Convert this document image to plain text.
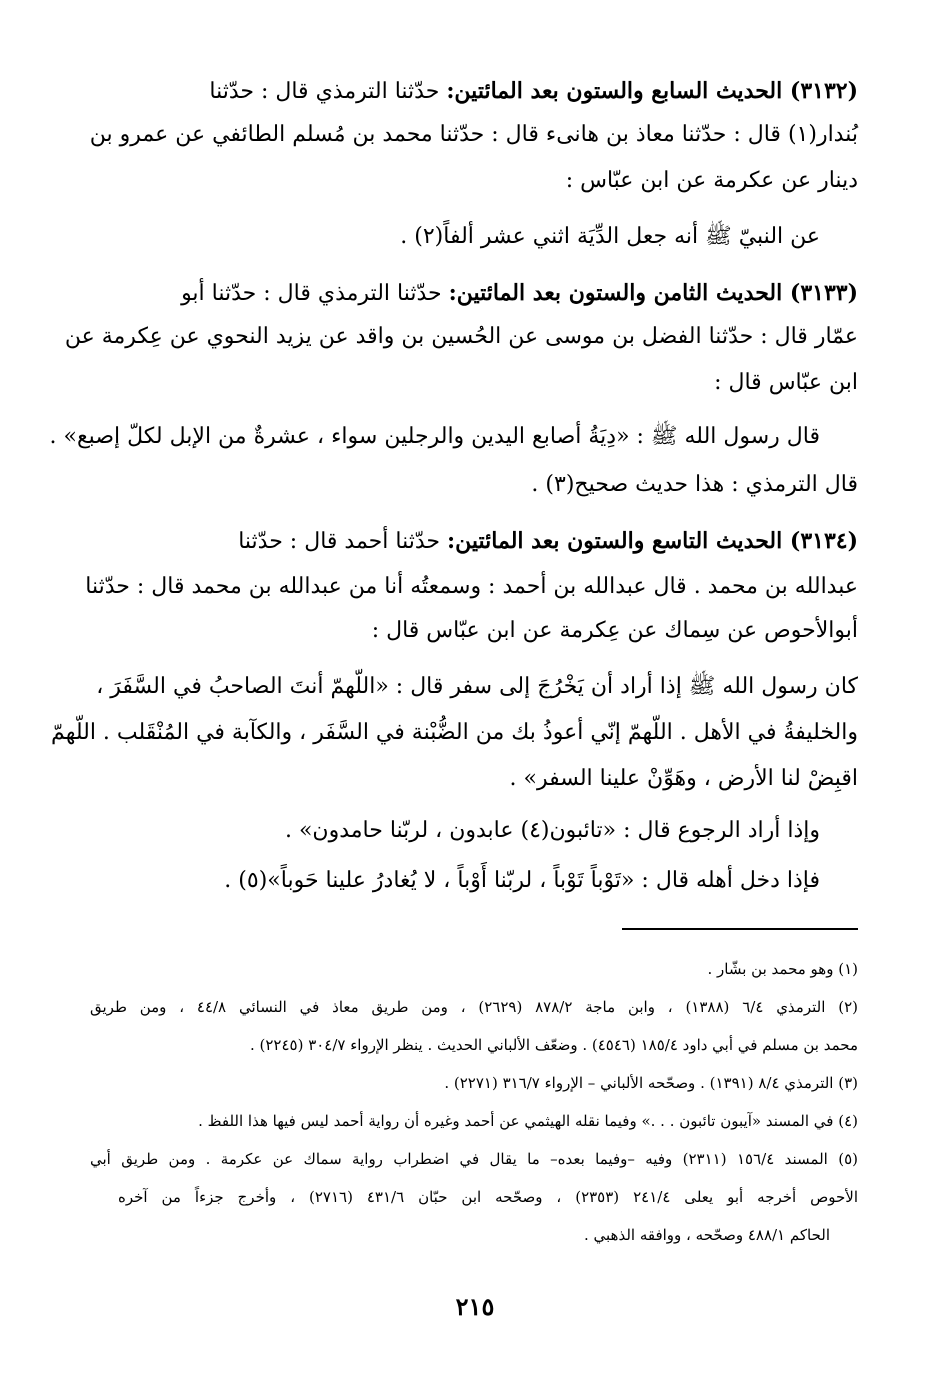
(٣١٣٢) الحديث السابع والستون بعد المائتين: حدّثنا الترمذي قال : حدّثنا
بُندار(١) قال : حدّثنا معاذ بن هانىء قال : حدّثنا محمد بن مُسلم الطائفي عن عمرو بن
دينار عن عكرمة عن ابن عبّاس :
عن النبيّ ﷺ أنه جعل الدِّيَة اثني عشر ألفاً(٢) .
(٣١٣٣) الحديث الثامن والستون بعد المائتين: حدّثنا الترمذي قال : حدّثنا أبو
عمّار قال : حدّثنا الفضل بن موسى عن الحُسين بن واقد عن يزيد النحوي عن عِكرمة عن
ابن عبّاس قال :
قال رسول الله ﷺ : «دِيَةُ أصابع اليدين والرجلين سواء ، عشرةٌ من الإبل لكلّ إصبع» .
قال الترمذي : هذا حديث صحيح(٣) .
(٣١٣٤) الحديث التاسع والستون بعد المائتين: حدّثنا أحمد قال : حدّثنا
عبدالله بن محمد . قال عبدالله بن أحمد : وسمعتُه أنا من عبدالله بن محمد قال : حدّثنا
أبوالأحوص عن سِماك عن عِكرمة عن ابن عبّاس قال :
كان رسول الله ﷺ إذا أراد أن يَخْرُجَ إلى سفر قال : «اللّهمّ أنتَ الصاحبُ في السَّفَرَ ،
والخليفةُ في الأهل . اللّهمّ إنّي أعوذُ بك من الضُّبْنة في السَّفَر ، والكآبة في المُنْقَلب . اللّهمّ
اقبِضْ لنا الأرض ، وهَوِّنْ علينا السفر» .
وإذا أراد الرجوع قال : «تائبون(٤) عابدون ، لربّنا حامدون» .
فإذا دخل أهله قال : «تَوْباً تَوْباً ، لربّنا أَوْباً ، لا يُغادرُ علينا حَوباً»(٥) .
(١) وهو محمد بن بشّار .
(٢) الترمذي ٦/٤ (١٣٨٨) ، وابن ماجة ٨٧٨/٢ (٢٦٢٩) ، ومن طريق معاذ في النسائي ٤٤/٨ ، ومن طريق
محمد بن مسلم في أبي داود ١٨٥/٤ (٤٥٤٦) . وضعّف الألباني الحديث . ينظر الإرواء ٣٠٤/٧ (٢٢٤٥) .
(٣) الترمذي ٨/٤ (١٣٩١) . وصحّحه الألباني – الإرواء ٣١٦/٧ (٢٢٧١) .
(٤) في المسند «آيبون تائبون . . .» وفيما نقله الهيثمي عن أحمد وغيره أن رواية أحمد ليس فيها هذا اللفظ .
(٥) المسند ١٥٦/٤ (٢٣١١) وفيه –وفيما بعده– ما يقال في اضطراب رواية سماك عن عكرمة . ومن طريق أبي
الأحوص أخرجه أبو يعلى ٢٤١/٤ (٢٣٥٣) ، وصحّحه ابن حبّان ٤٣١/٦ (٢٧١٦) ، وأخرج جزءاً من آخره
الحاكم ٤٨٨/١ وصحّحه ، ووافقه الذهبي .
٢١٥
